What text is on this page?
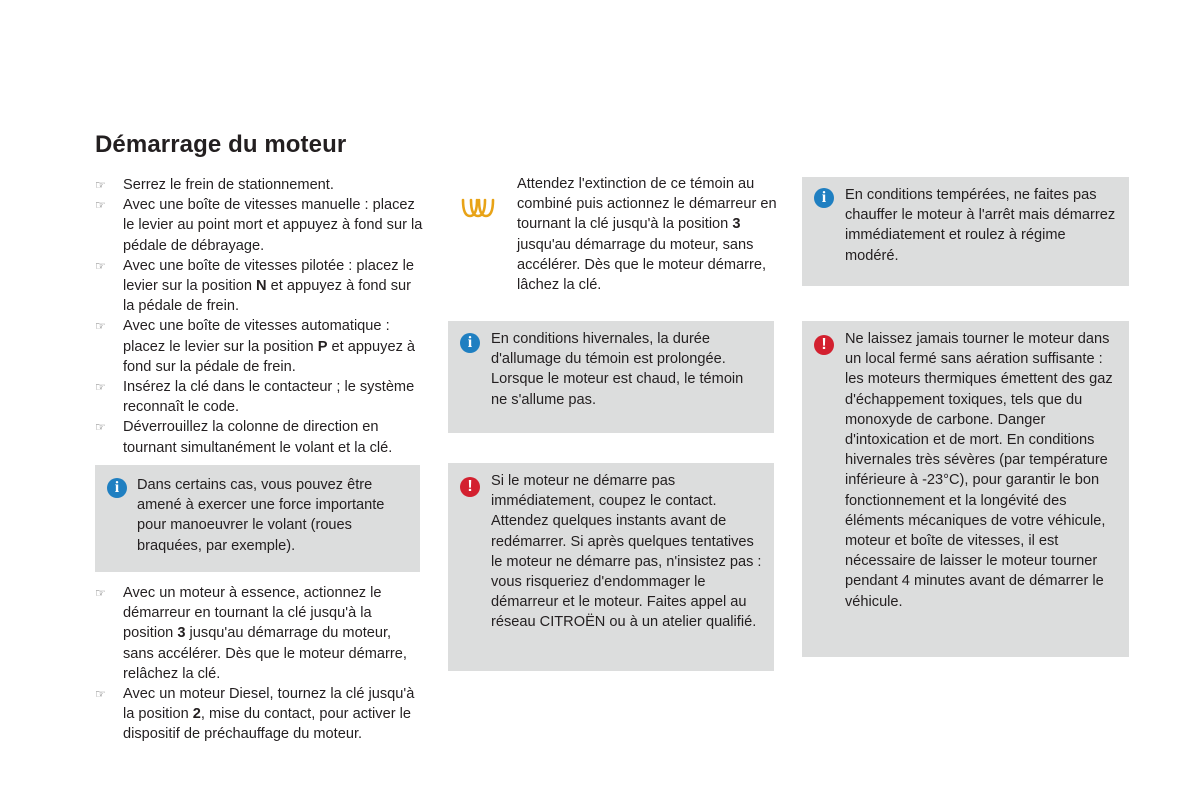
Démarrage du moteur
☞ Serrez le frein de stationnement.
☞ Avec une boîte de vitesses manuelle : placez le levier au point mort et appuyez à fond sur la pédale de débrayage.
☞ Avec une boîte de vitesses pilotée : placez le levier sur la position N et appuyez à fond sur la pédale de frein.
☞ Avec une boîte de vitesses automatique : placez le levier sur la position P et appuyez à fond sur la pédale de frein.
☞ Insérez la clé dans le contacteur ; le système reconnaît le code.
☞ Déverrouillez la colonne de direction en tournant simultanément le volant et la clé.
i	Dans certains cas, vous pouvez être amené à exercer une force importante pour manoeuvrer le volant (roues braquées, par exemple).
☞ Avec un moteur à essence, actionnez le démarreur en tournant la clé jusqu'à la position 3 jusqu'au démarrage du moteur, sans accélérer. Dès que le moteur démarre, relâchez la clé.
☞ Avec un moteur Diesel, tournez la clé jusqu'à la position 2, mise du contact, pour activer le dispositif de préchauffage du moteur.
Attendez l'extinction de ce témoin au combiné puis actionnez le démarreur en tournant la clé jusqu'à la position 3 jusqu'au démarrage du moteur, sans accélérer. Dès que le moteur démarre, lâchez la clé.
i	En conditions hivernales, la durée d'allumage du témoin est prolongée. Lorsque le moteur est chaud, le témoin ne s'allume pas.
!	Si le moteur ne démarre pas immédiatement, coupez le contact. Attendez quelques instants avant de redémarrer. Si après quelques tentatives le moteur ne démarre pas, n'insistez pas : vous risqueriez d'endommager le démarreur et le moteur. Faites appel au réseau CITROËN ou à un atelier qualifié.
i	En conditions tempérées, ne faites pas chauffer le moteur à l'arrêt mais démarrez immédiatement et roulez à régime modéré.
!	Ne laissez jamais tourner le moteur dans un local fermé sans aération suffisante : les moteurs thermiques émettent des gaz d'échappement toxiques, tels que du monoxyde de carbone. Danger d'intoxication et de mort. En conditions hivernales très sévères (par température inférieure à -23°C), pour garantir le bon fonctionnement et la longévité des éléments mécaniques de votre véhicule, moteur et boîte de vitesses, il est nécessaire de laisser le moteur tourner pendant 4 minutes avant de démarrer le véhicule.
